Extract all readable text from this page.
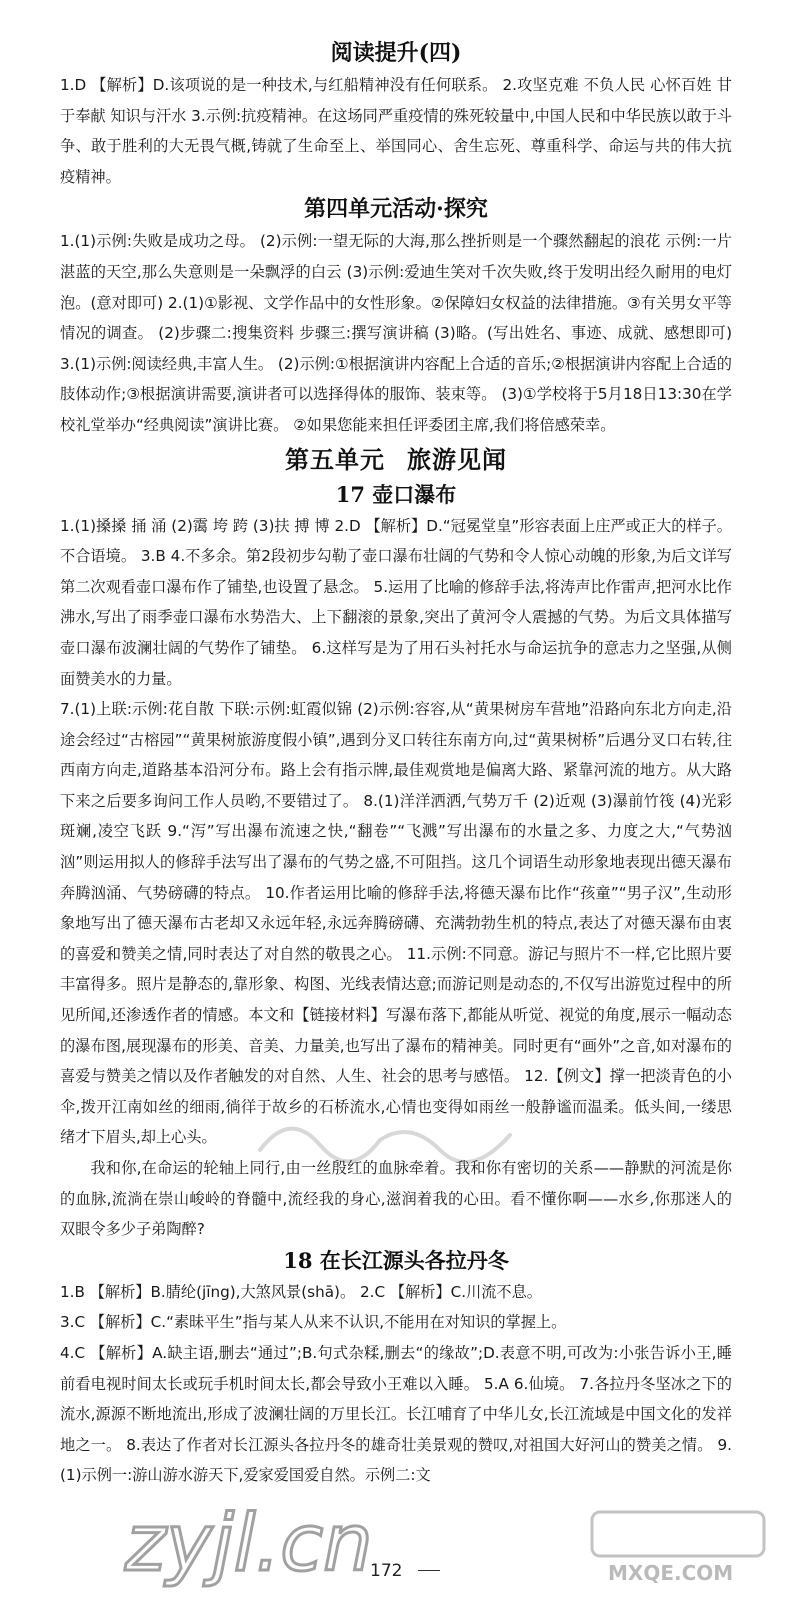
阅读提升(四)

1.D 【解析】D.该项说的是一种技术,与红船精神没有任何联系。 2.攻坚克难 不负人民 心怀百姓 甘于奉献 知识与汗水 3.示例:抗疫精神。在这场同严重疫情的殊死较量中,中国人民和中华民族以敢于斗争、敢于胜利的大无畏气概,铸就了生命至上、举国同心、舍生忘死、尊重科学、命运与共的伟大抗疫精神。

第四单元活动·探究

1.(1)示例:失败是成功之母。 (2)示例:一望无际的大海,那么挫折则是一个骤然翻起的浪花 示例:一片湛蓝的天空,那么失意则是一朵飘浮的白云 (3)示例:爱迪生笑对千次失败,终于发明出经久耐用的电灯泡。(意对即可) 2.(1)①影视、文学作品中的女性形象。②保障妇女权益的法律措施。③有关男女平等情况的调查。 (2)步骤二:搜集资料 步骤三:撰写演讲稿 (3)略。(写出姓名、事迹、成就、感想即可) 3.(1)示例:阅读经典,丰富人生。 (2)示例:①根据演讲内容配上合适的音乐;②根据演讲内容配上合适的肢体动作;③根据演讲需要,演讲者可以选择得体的服饰、装束等。 (3)①学校将于5月18日13:30在学校礼堂举办“经典阅读”演讲比赛。 ②如果您能来担任评委团主席,我们将倍感荣幸。

第五单元 旅游见闻
17 壶口瀑布

1.(1)搡搡 捅 涌 (2)霭 垮 跨 (3)扶 搏 博 2.D 【解析】D.“冠冕堂皇”形容表面上庄严或正大的样子。不合语境。 3.B 4.不多余。第2段初步勾勒了壶口瀑布壮阔的气势和令人惊心动魄的形象,为后文详写第二次观看壶口瀑布作了铺垫,也设置了悬念。 5.运用了比喻的修辞手法,将涛声比作雷声,把河水比作沸水,写出了雨季壶口瀑布水势浩大、上下翻滚的景象,突出了黄河令人震撼的气势。为后文具体描写壶口瀑布波澜壮阔的气势作了铺垫。 6.这样写是为了用石头衬托水与命运抗争的意志力之坚强,从侧面赞美水的力量。

7.(1)上联:示例:花自散 下联:示例:虹霞似锦 (2)示例:容容,从“黄果树房车营地”沿路向东北方向走,沿途会经过“古榕园”“黄果树旅游度假小镇”,遇到分叉口转往东南方向,过“黄果树桥”后遇分叉口右转,往西南方向走,道路基本沿河分布。路上会有指示牌,最佳观赏地是偏离大路、紧靠河流的地方。从大路下来之后要多询问工作人员哟,不要错过了。 8.(1)洋洋洒洒,气势万千 (2)近观 (3)瀑前竹筏 (4)光彩斑斓,凌空飞跃 9.“泻”写出瀑布流速之快,“翻卷”“飞溅”写出瀑布的水量之多、力度之大,“气势汹汹”则运用拟人的修辞手法写出了瀑布的气势之盛,不可阻挡。这几个词语生动形象地表现出德天瀑布奔腾汹涌、气势磅礴的特点。 10.作者运用比喻的修辞手法,将德天瀑布比作“孩童”“男子汉”,生动形象地写出了德天瀑布古老却又永远年轻,永远奔腾磅礴、充满勃勃生机的特点,表达了对德天瀑布由衷的喜爱和赞美之情,同时表达了对自然的敬畏之心。 11.示例:不同意。游记与照片不一样,它比照片要丰富得多。照片是静态的,靠形象、构图、光线表情达意;而游记则是动态的,不仅写出游览过程中的所见所闻,还渗透作者的情感。本文和【链接材料】写瀑布落下,都能从听觉、视觉的角度,展示一幅动态的瀑布图,展现瀑布的形美、音美、力量美,也写出了瀑布的精神美。同时更有“画外”之音,如对瀑布的喜爱与赞美之情以及作者触发的对自然、人生、社会的思考与感悟。 12.【例文】撑一把淡青色的小伞,拨开江南如丝的细雨,徜徉于故乡的石桥流水,心情也变得如雨丝一般静谧而温柔。低头间,一缕思绪才下眉头,却上心头。

我和你,在命运的轮轴上同行,由一丝殷红的血脉牵着。我和你有密切的关系——静默的河流是你的血脉,流淌在崇山峻岭的脊髓中,流经我的身心,滋润着我的心田。看不懂你啊——水乡,你那迷人的双眼令多少子弟陶醉?

18 在长江源头各拉丹冬

1.B 【解析】B.腈纶(jīng),大煞风景(shā)。 2.C 【解析】C.川流不息。

3.C 【解析】C.“素昧平生”指与某人从来不认识,不能用在对知识的掌握上。

4.C 【解析】A.缺主语,删去“通过”;B.句式杂糅,删去“的缘故”;D.表意不明,可改为:小张告诉小王,睡前看电视时间太长或玩手机时间太长,都会导致小王难以入睡。 5.A 6.仙境。 7.各拉丹冬坚冰之下的流水,源源不断地流出,形成了波澜壮阔的万里长江。长江哺育了中华儿女,长江流域是中国文化的发祥地之一。 8.表达了作者对长江源头各拉丹冬的雄奇壮美景观的赞叹,对祖国大好河山的赞美之情。 9.(1)示例一:游山游水游天下,爱家爱国爱自然。示例二:文

zyjl.cn	MXQE.COM
172
